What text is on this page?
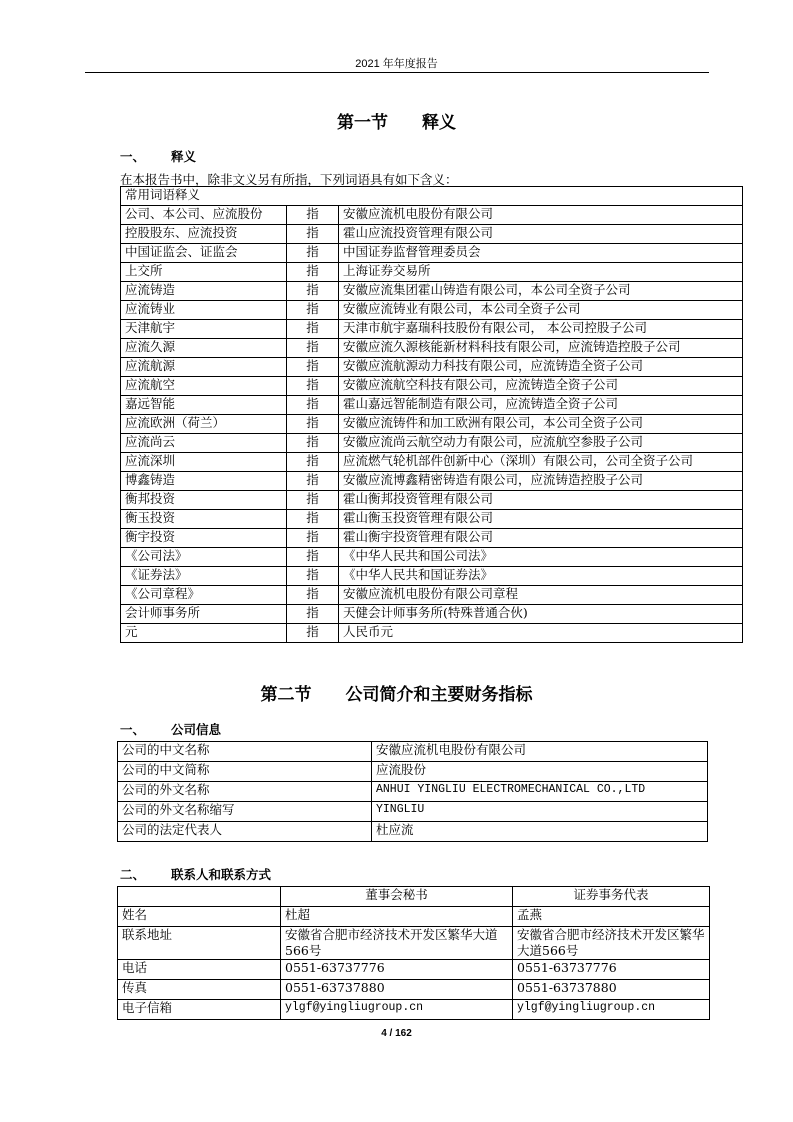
2021 年年度报告
第一节　　释义
一、 释义
在本报告书中，除非文义另有所指，下列词语具有如下含义：
常用词语释义		
公司、本公司、应流股份	指	安徽应流机电股份有限公司
控股股东、应流投资	指	霍山应流投资管理有限公司
中国证监会、证监会	指	中国证券监督管理委员会
上交所	指	上海证券交易所
应流铸造	指	安徽应流集团霍山铸造有限公司，本公司全资子公司
应流铸业	指	安徽应流铸业有限公司，本公司全资子公司
天津航宇	指	天津市航宇嘉瑞科技股份有限公司， 本公司控股子公司
应流久源	指	安徽应流久源核能新材料科技有限公司，应流铸造控股子公司
应流航源	指	安徽应流航源动力科技有限公司，应流铸造全资子公司
应流航空	指	安徽应流航空科技有限公司，应流铸造全资子公司
嘉远智能	指	霍山嘉远智能制造有限公司，应流铸造全资子公司
应流欧洲（荷兰）	指	安徽应流铸件和加工欧洲有限公司，本公司全资子公司
应流尚云	指	安徽应流尚云航空动力有限公司，应流航空参股子公司
应流深圳	指	应流燃气轮机部件创新中心（深圳）有限公司，公司全资子公司
博鑫铸造	指	安徽应流博鑫精密铸造有限公司，应流铸造控股子公司
衡邦投资	指	霍山衡邦投资管理有限公司
衡玉投资	指	霍山衡玉投资管理有限公司
衡宇投资	指	霍山衡宇投资管理有限公司
《公司法》	指	《中华人民共和国公司法》
《证券法》	指	《中华人民共和国证券法》
《公司章程》	指	安徽应流机电股份有限公司章程
会计师事务所	指	天健会计师事务所(特殊普通合伙)
元	指	人民币元
第二节　　公司简介和主要财务指标
一、 公司信息
公司的中文名称	安徽应流机电股份有限公司
公司的中文简称	应流股份
公司的外文名称	ANHUI YINGLIU ELECTROMECHANICAL CO.,LTD
公司的外文名称缩写	YINGLIU
公司的法定代表人	杜应流
二、 联系人和联系方式
	董事会秘书	证券事务代表
姓名	杜超	孟燕
联系地址	安徽省合肥市经济技术开发区繁华大道566号	安徽省合肥市经济技术开发区繁华大道566号
电话	0551-63737776	0551-63737776
传真	0551-63737880	0551-63737880
电子信箱	ylgf@yingliugroup.cn	ylgf@yingliugroup.cn
4 / 162
